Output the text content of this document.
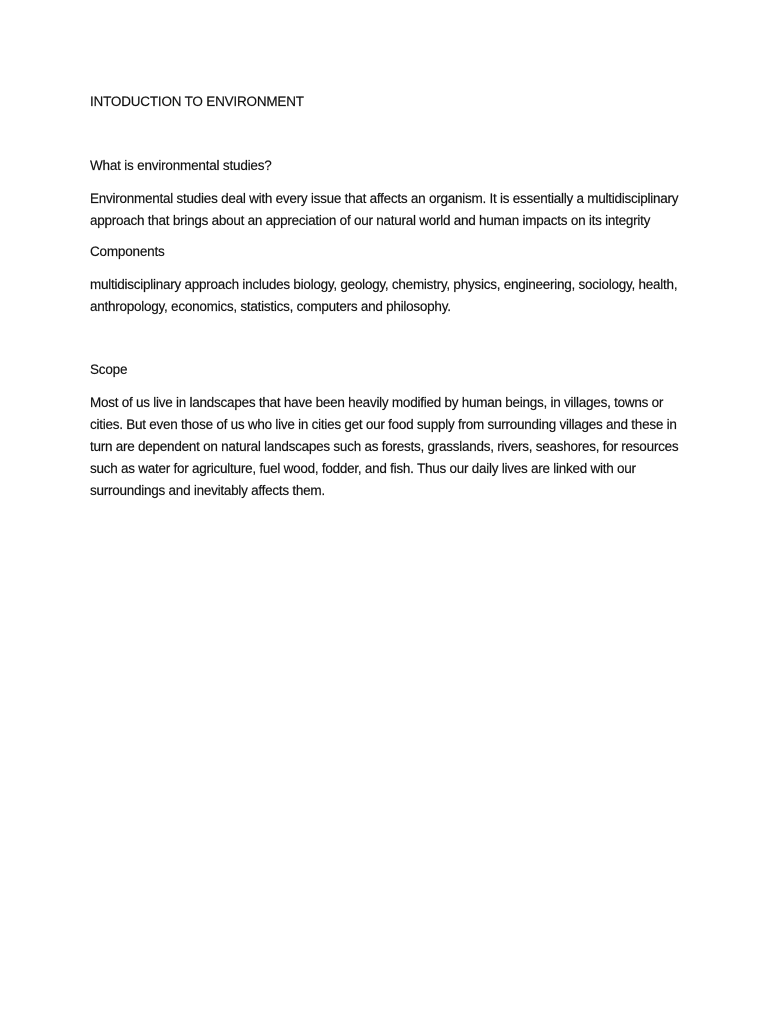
INTODUCTION TO ENVIRONMENT
What is environmental studies?

Environmental studies deal with every issue that affects an organism. It is essentially a multidisciplinary approach that brings about an appreciation of our natural world and human impacts on its integrity

Components

multidisciplinary approach includes biology, geology, chemistry, physics, engineering, sociology, health, anthropology, economics, statistics, computers and philosophy.

Scope

Most of us live in landscapes that have been heavily modified by human beings, in villages, towns or cities. But even those of us who live in cities get our food supply from surrounding villages and these in turn are dependent on natural landscapes such as forests, grasslands, rivers, seashores, for resources such as water for agriculture, fuel wood, fodder, and fish. Thus our daily lives are linked with our surroundings and inevitably affects them.
